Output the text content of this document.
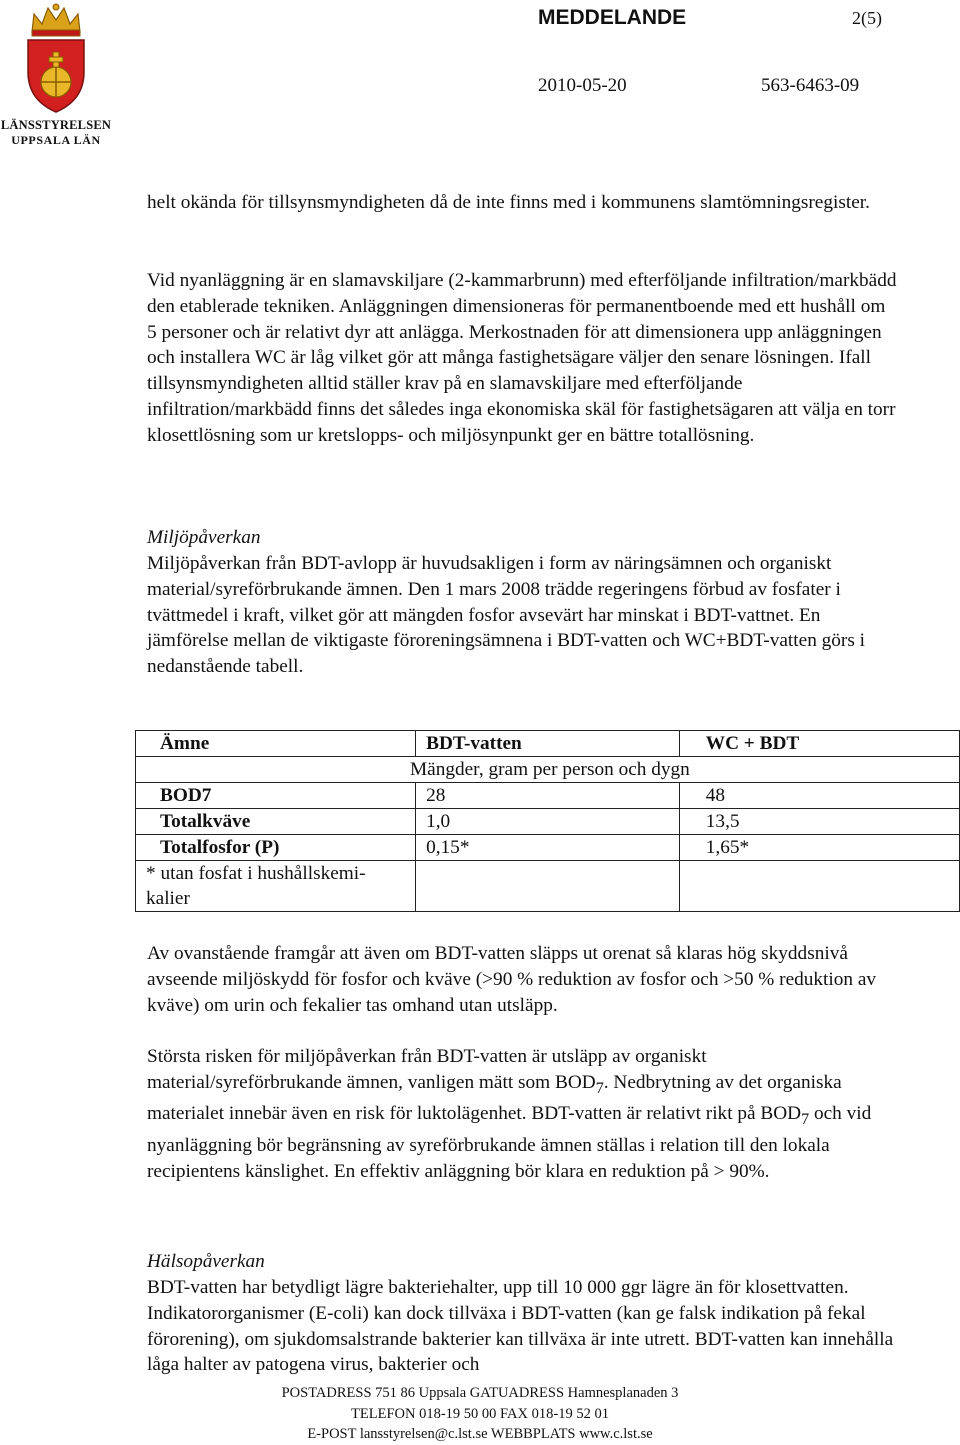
LÄNSSTYRELSEN
UPPSALA LÄN
MEDDELANDE	2(5)
2010-05-20	563-6463-09

helt okända för tillsynsmyndigheten då de inte finns med i kommunens slamtömningsregister.

Vid nyanläggning är en slamavskiljare (2-kammarbrunn) med efterföljande infiltration/markbädd den etablerade tekniken. Anläggningen dimensioneras för permanentboende med ett hushåll om 5 personer och är relativt dyr att anlägga. Merkostnaden för att dimensionera upp anläggningen och installera WC är låg vilket gör att många fastighetsägare väljer den senare lösningen. Ifall tillsynsmyndigheten alltid ställer krav på en slamavskiljare med efterföljande infiltration/markbädd finns det således inga ekonomiska skäl för fastighetsägaren att välja en torr klosettlösning som ur kretslopps- och miljösynpunkt ger en bättre totallösning.

Miljöpåverkan

Miljöpåverkan från BDT-avlopp är huvudsakligen i form av näringsämnen och organiskt material/syreförbrukande ämnen. Den 1 mars 2008 trädde regeringens förbud av fosfater i tvättmedel i kraft, vilket gör att mängden fosfor avsevärt har minskat i BDT-vattnet. En jämförelse mellan de viktigaste föroreningsämnena i BDT-vatten och WC+BDT-vatten görs i nedanstående tabell.

Ämne	BDT-vatten	WC + BDT
Mängder, gram per person och dygn		
BOD7	28	48
Totalkväve	1,0	13,5
Totalfosfor (P)	0,15*	1,65*
* utan fosfat i hushållskemi-kalier		

Av ovanstående framgår att även om BDT-vatten släpps ut orenat så klaras hög skyddsnivå avseende miljöskydd för fosfor och kväve (>90 % reduktion av fosfor och >50 % reduktion av kväve) om urin och fekalier tas omhand utan utsläpp.

Största risken för miljöpåverkan från BDT-vatten är utsläpp av organiskt material/syreförbrukande ämnen, vanligen mätt som $BOD_7$. Nedbrytning av det organiska materialet innebär även en risk för luktolägenhet. BDT-vatten är relativt rikt på $BOD_7$ och vid nyanläggning bör begränsning av syreförbrukande ämnen ställas i relation till den lokala recipientens känslighet. En effektiv anläggning bör klara en reduktion på > 90%.

Hälsopåverkan

BDT-vatten har betydligt lägre bakteriehalter, upp till 10 000 ggr lägre än för klosettvatten. Indikatororganismer (E-coli) kan dock tillväxa i BDT-vatten (kan ge falsk indikation på fekal förorening), om sjukdomsalstrande bakterier kan tillväxa är inte utrett. BDT-vatten kan innehålla låga halter av patogena virus, bakterier och

POSTADRESS 751 86 Uppsala GATUADRESS Hamnesplanaden 3
TELEFON 018-19 50 00 FAX 018-19 52 01
E-POST lansstyrelsen@c.lst.se WEBBPLATS www.c.lst.se
